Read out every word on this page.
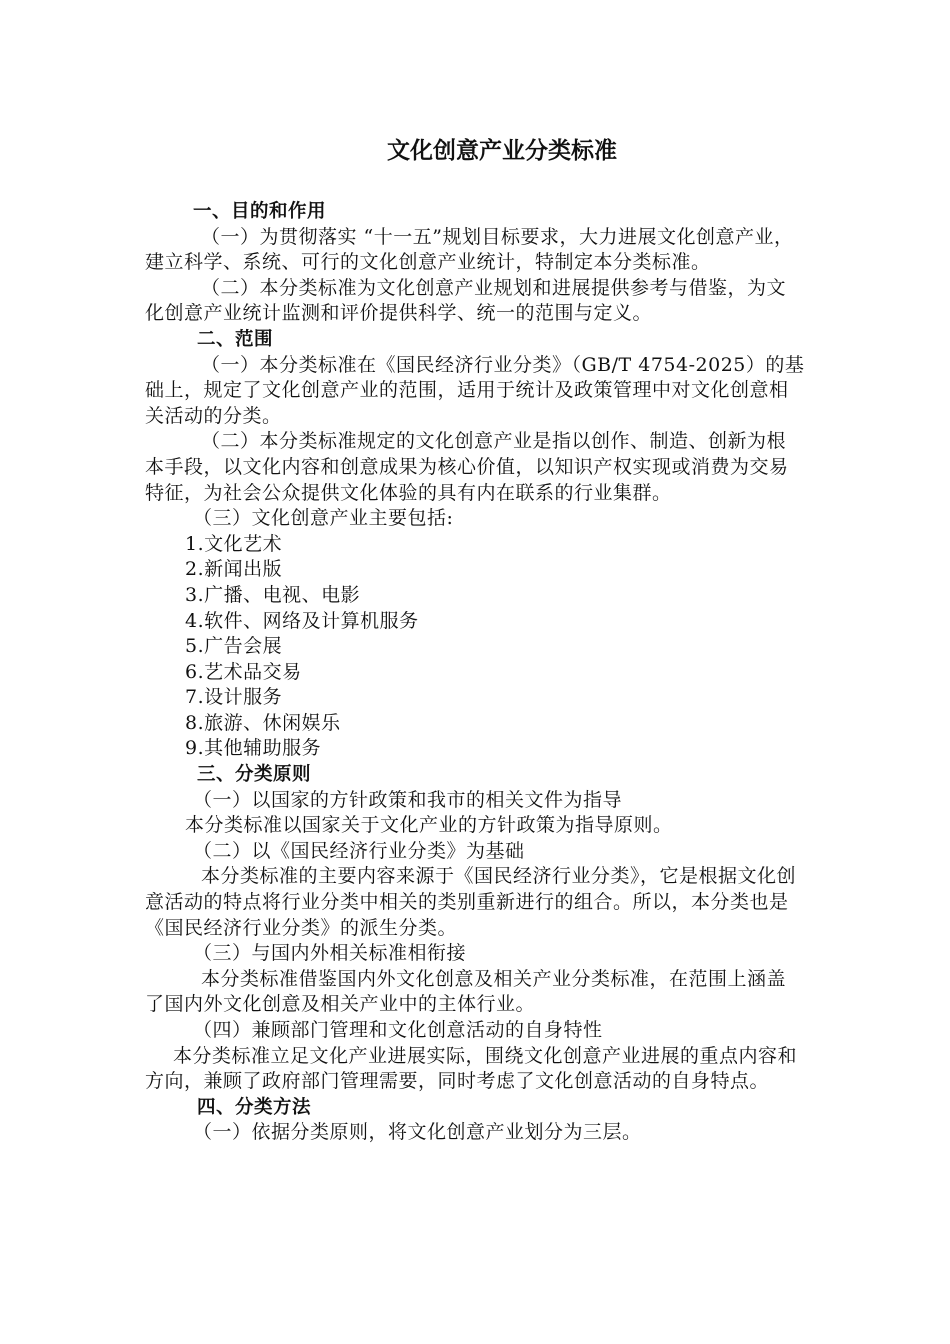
文化创意产业分类标准

一、目的和作用

（一）为贯彻落实 “十一五”规划目标要求，大力进展文化创意产业，建立科学、系统、可行的文化创意产业统计，特制定本分类标准。

（二）本分类标准为文化创意产业规划和进展提供参考与借鉴，为文化创意产业统计监测和评价提供科学、统一的范围与定义。

二、范围

（一）本分类标准在《国民经济行业分类》（GB/T 4754-2025）的基础上，规定了文化创意产业的范围，适用于统计及政策管理中对文化创意相关活动的分类。

（二）本分类标准规定的文化创意产业是指以创作、制造、创新为根本手段，以文化内容和创意成果为核心价值，以知识产权实现或消费为交易特征，为社会公众提供文化体验的具有内在联系的行业集群。

（三）文化创意产业主要包括:

1.文化艺术

2.新闻出版

3.广播、电视、电影

4.软件、网络及计算机服务

5.广告会展

6.艺术品交易

7.设计服务

8.旅游、休闲娱乐

9.其他辅助服务

三、分类原则

（一）以国家的方针政策和我市的相关文件为指导

本分类标准以国家关于文化产业的方针政策为指导原则。

（二）以《国民经济行业分类》为基础

本分类标准的主要内容来源于《国民经济行业分类》，它是根据文化创意活动的特点将行业分类中相关的类别重新进行的组合。所以，本分类也是《国民经济行业分类》的派生分类。

（三）与国内外相关标准相衔接

本分类标准借鉴国内外文化创意及相关产业分类标准，在范围上涵盖了国内外文化创意及相关产业中的主体行业。

（四）兼顾部门管理和文化创意活动的自身特性

本分类标准立足文化产业进展实际，围绕文化创意产业进展的重点内容和方向，兼顾了政府部门管理需要，同时考虑了文化创意活动的自身特点。

四、分类方法

（一）依据分类原则，将文化创意产业划分为三层。
